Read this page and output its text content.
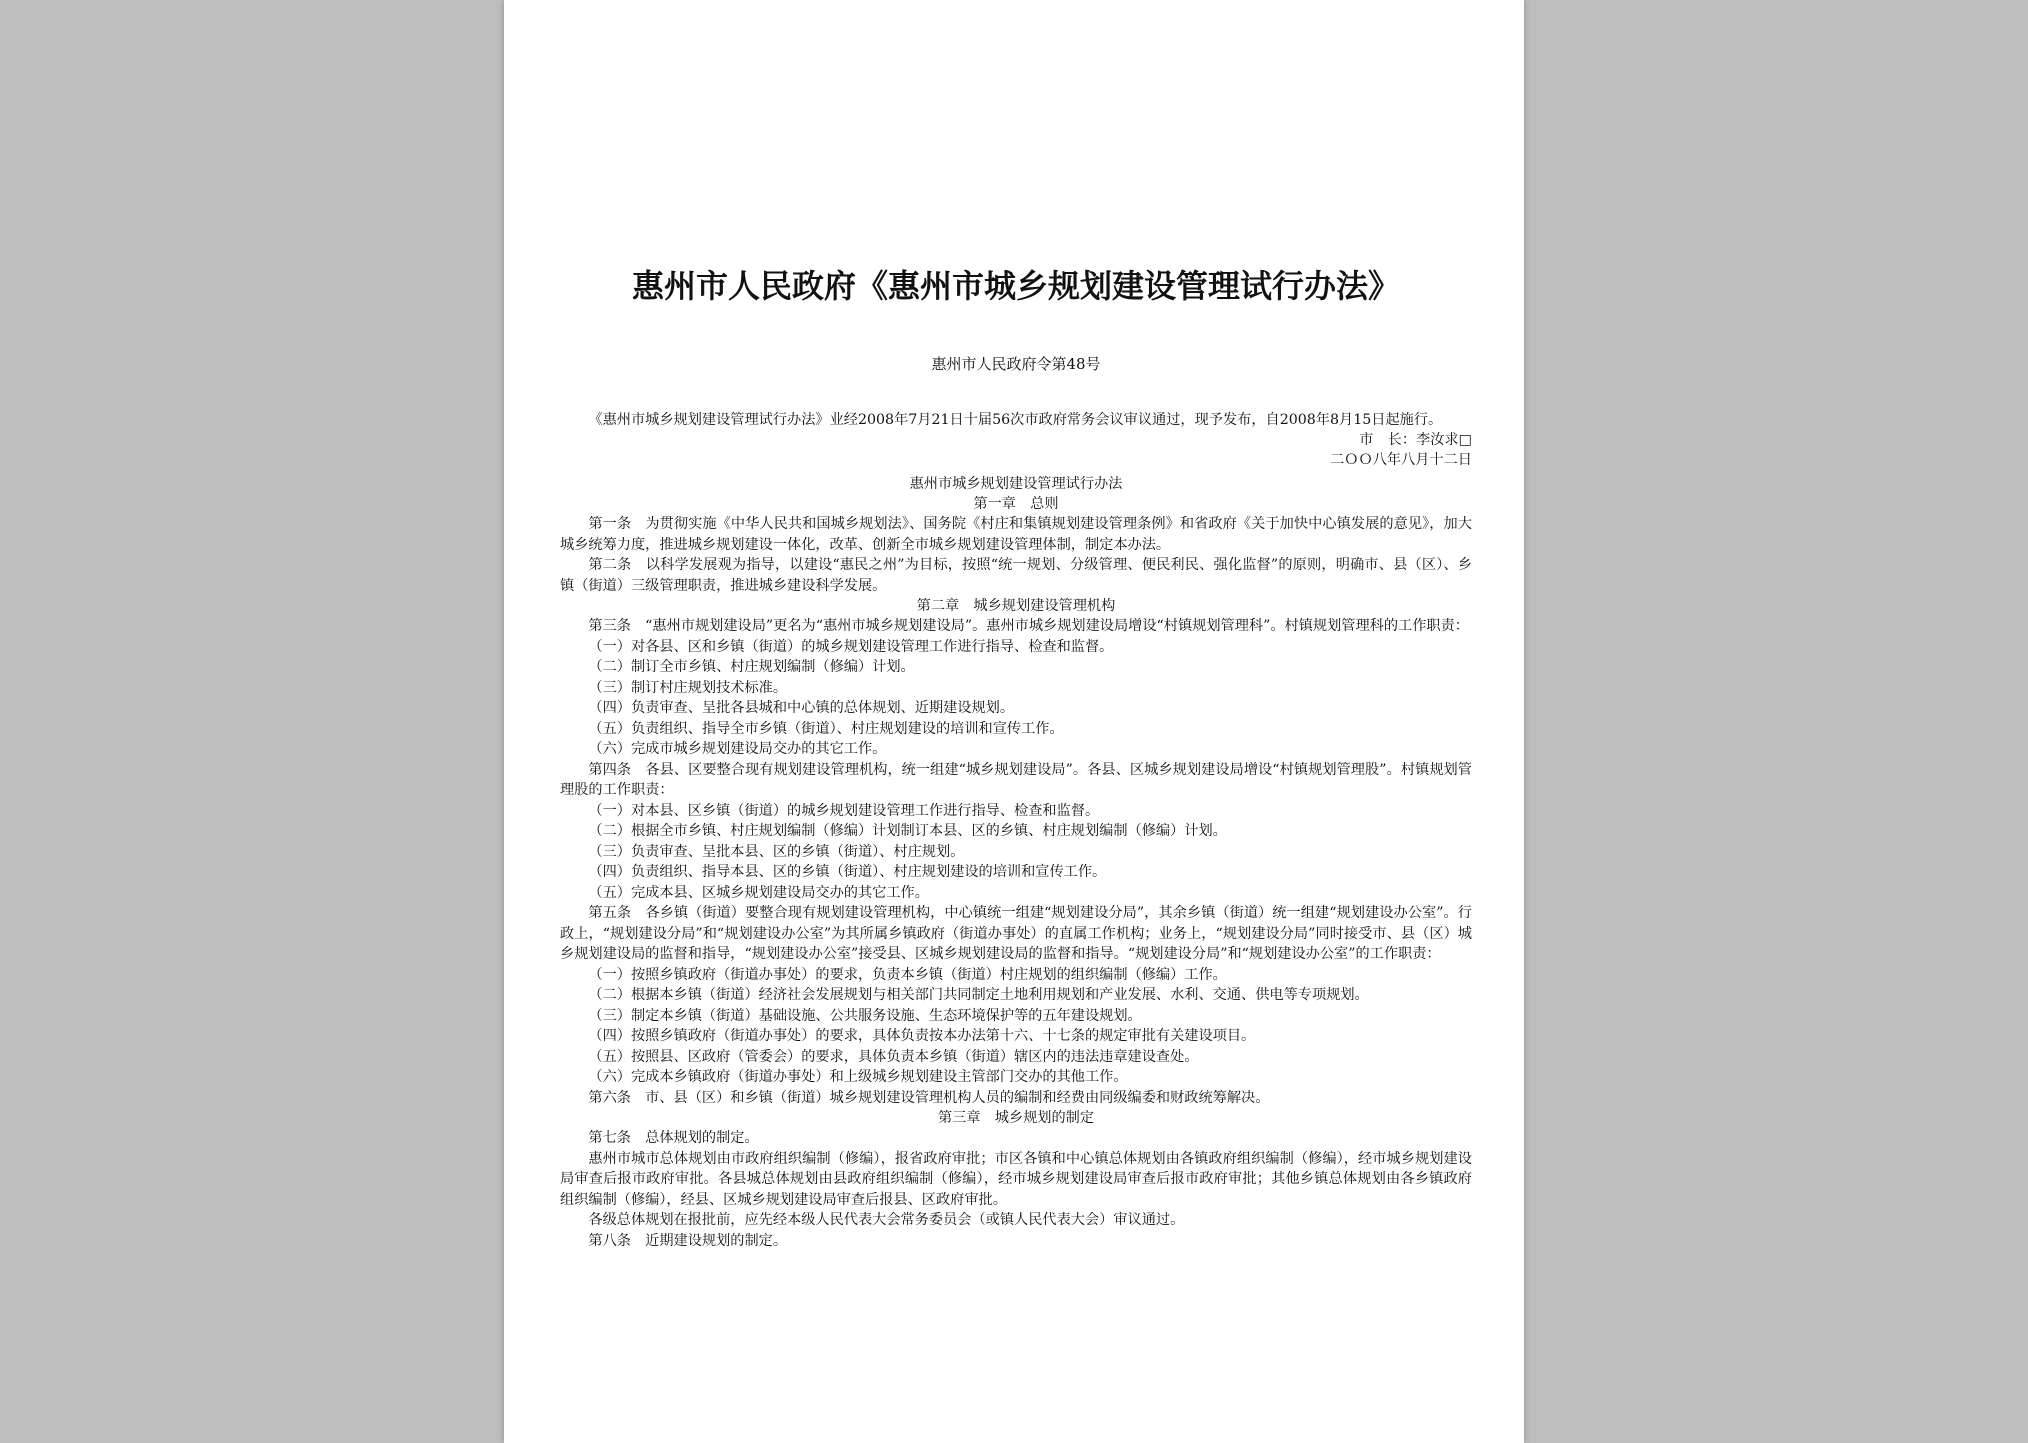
惠州市人民政府《惠州市城乡规划建设管理试行办法》
惠州市人民政府令第48号
《惠州市城乡规划建设管理试行办法》业经2008年7月21日十届56次市政府常务会议审议通过，现予发布，自2008年8月15日起施行。
市　长：李汝求□
二ＯＯ八年八月十二日
惠州市城乡规划建设管理试行办法
第一章　总则
第一条　为贯彻实施《中华人民共和国城乡规划法》、国务院《村庄和集镇规划建设管理条例》和省政府《关于加快中心镇发展的意见》，加大城乡统筹力度，推进城乡规划建设一体化，改革、创新全市城乡规划建设管理体制，制定本办法。
第二条　以科学发展观为指导，以建设“惠民之州”为目标，按照“统一规划、分级管理、便民利民、强化监督”的原则，明确市、县（区）、乡镇（街道）三级管理职责，推进城乡建设科学发展。
第二章　城乡规划建设管理机构
第三条　“惠州市规划建设局”更名为“惠州市城乡规划建设局”。惠州市城乡规划建设局增设“村镇规划管理科”。村镇规划管理科的工作职责：
（一）对各县、区和乡镇（街道）的城乡规划建设管理工作进行指导、检查和监督。
（二）制订全市乡镇、村庄规划编制（修编）计划。
（三）制订村庄规划技术标准。
（四）负责审查、呈批各县城和中心镇的总体规划、近期建设规划。
（五）负责组织、指导全市乡镇（街道）、村庄规划建设的培训和宣传工作。
（六）完成市城乡规划建设局交办的其它工作。
第四条　各县、区要整合现有规划建设管理机构，统一组建“城乡规划建设局”。各县、区城乡规划建设局增设“村镇规划管理股”。村镇规划管理股的工作职责：
（一）对本县、区乡镇（街道）的城乡规划建设管理工作进行指导、检查和监督。
（二）根据全市乡镇、村庄规划编制（修编）计划制订本县、区的乡镇、村庄规划编制（修编）计划。
（三）负责审查、呈批本县、区的乡镇（街道）、村庄规划。
（四）负责组织、指导本县、区的乡镇（街道）、村庄规划建设的培训和宣传工作。
（五）完成本县、区城乡规划建设局交办的其它工作。
第五条　各乡镇（街道）要整合现有规划建设管理机构，中心镇统一组建“规划建设分局”，其余乡镇（街道）统一组建“规划建设办公室”。行政上，“规划建设分局”和“规划建设办公室”为其所属乡镇政府（街道办事处）的直属工作机构；业务上，“规划建设分局”同时接受市、县（区）城乡规划建设局的监督和指导，“规划建设办公室”接受县、区城乡规划建设局的监督和指导。“规划建设分局”和“规划建设办公室”的工作职责：
（一）按照乡镇政府（街道办事处）的要求，负责本乡镇（街道）村庄规划的组织编制（修编）工作。
（二）根据本乡镇（街道）经济社会发展规划与相关部门共同制定土地利用规划和产业发展、水利、交通、供电等专项规划。
（三）制定本乡镇（街道）基础设施、公共服务设施、生态环境保护等的五年建设规划。
（四）按照乡镇政府（街道办事处）的要求，具体负责按本办法第十六、十七条的规定审批有关建设项目。
（五）按照县、区政府（管委会）的要求，具体负责本乡镇（街道）辖区内的违法违章建设查处。
（六）完成本乡镇政府（街道办事处）和上级城乡规划建设主管部门交办的其他工作。
第六条　市、县（区）和乡镇（街道）城乡规划建设管理机构人员的编制和经费由同级编委和财政统筹解决。
第三章　城乡规划的制定
第七条　总体规划的制定。
惠州市城市总体规划由市政府组织编制（修编），报省政府审批；市区各镇和中心镇总体规划由各镇政府组织编制（修编），经市城乡规划建设局审查后报市政府审批。各县城总体规划由县政府组织编制（修编），经市城乡规划建设局审查后报市政府审批；其他乡镇总体规划由各乡镇政府组织编制（修编），经县、区城乡规划建设局审查后报县、区政府审批。
各级总体规划在报批前，应先经本级人民代表大会常务委员会（或镇人民代表大会）审议通过。
第八条　近期建设规划的制定。
